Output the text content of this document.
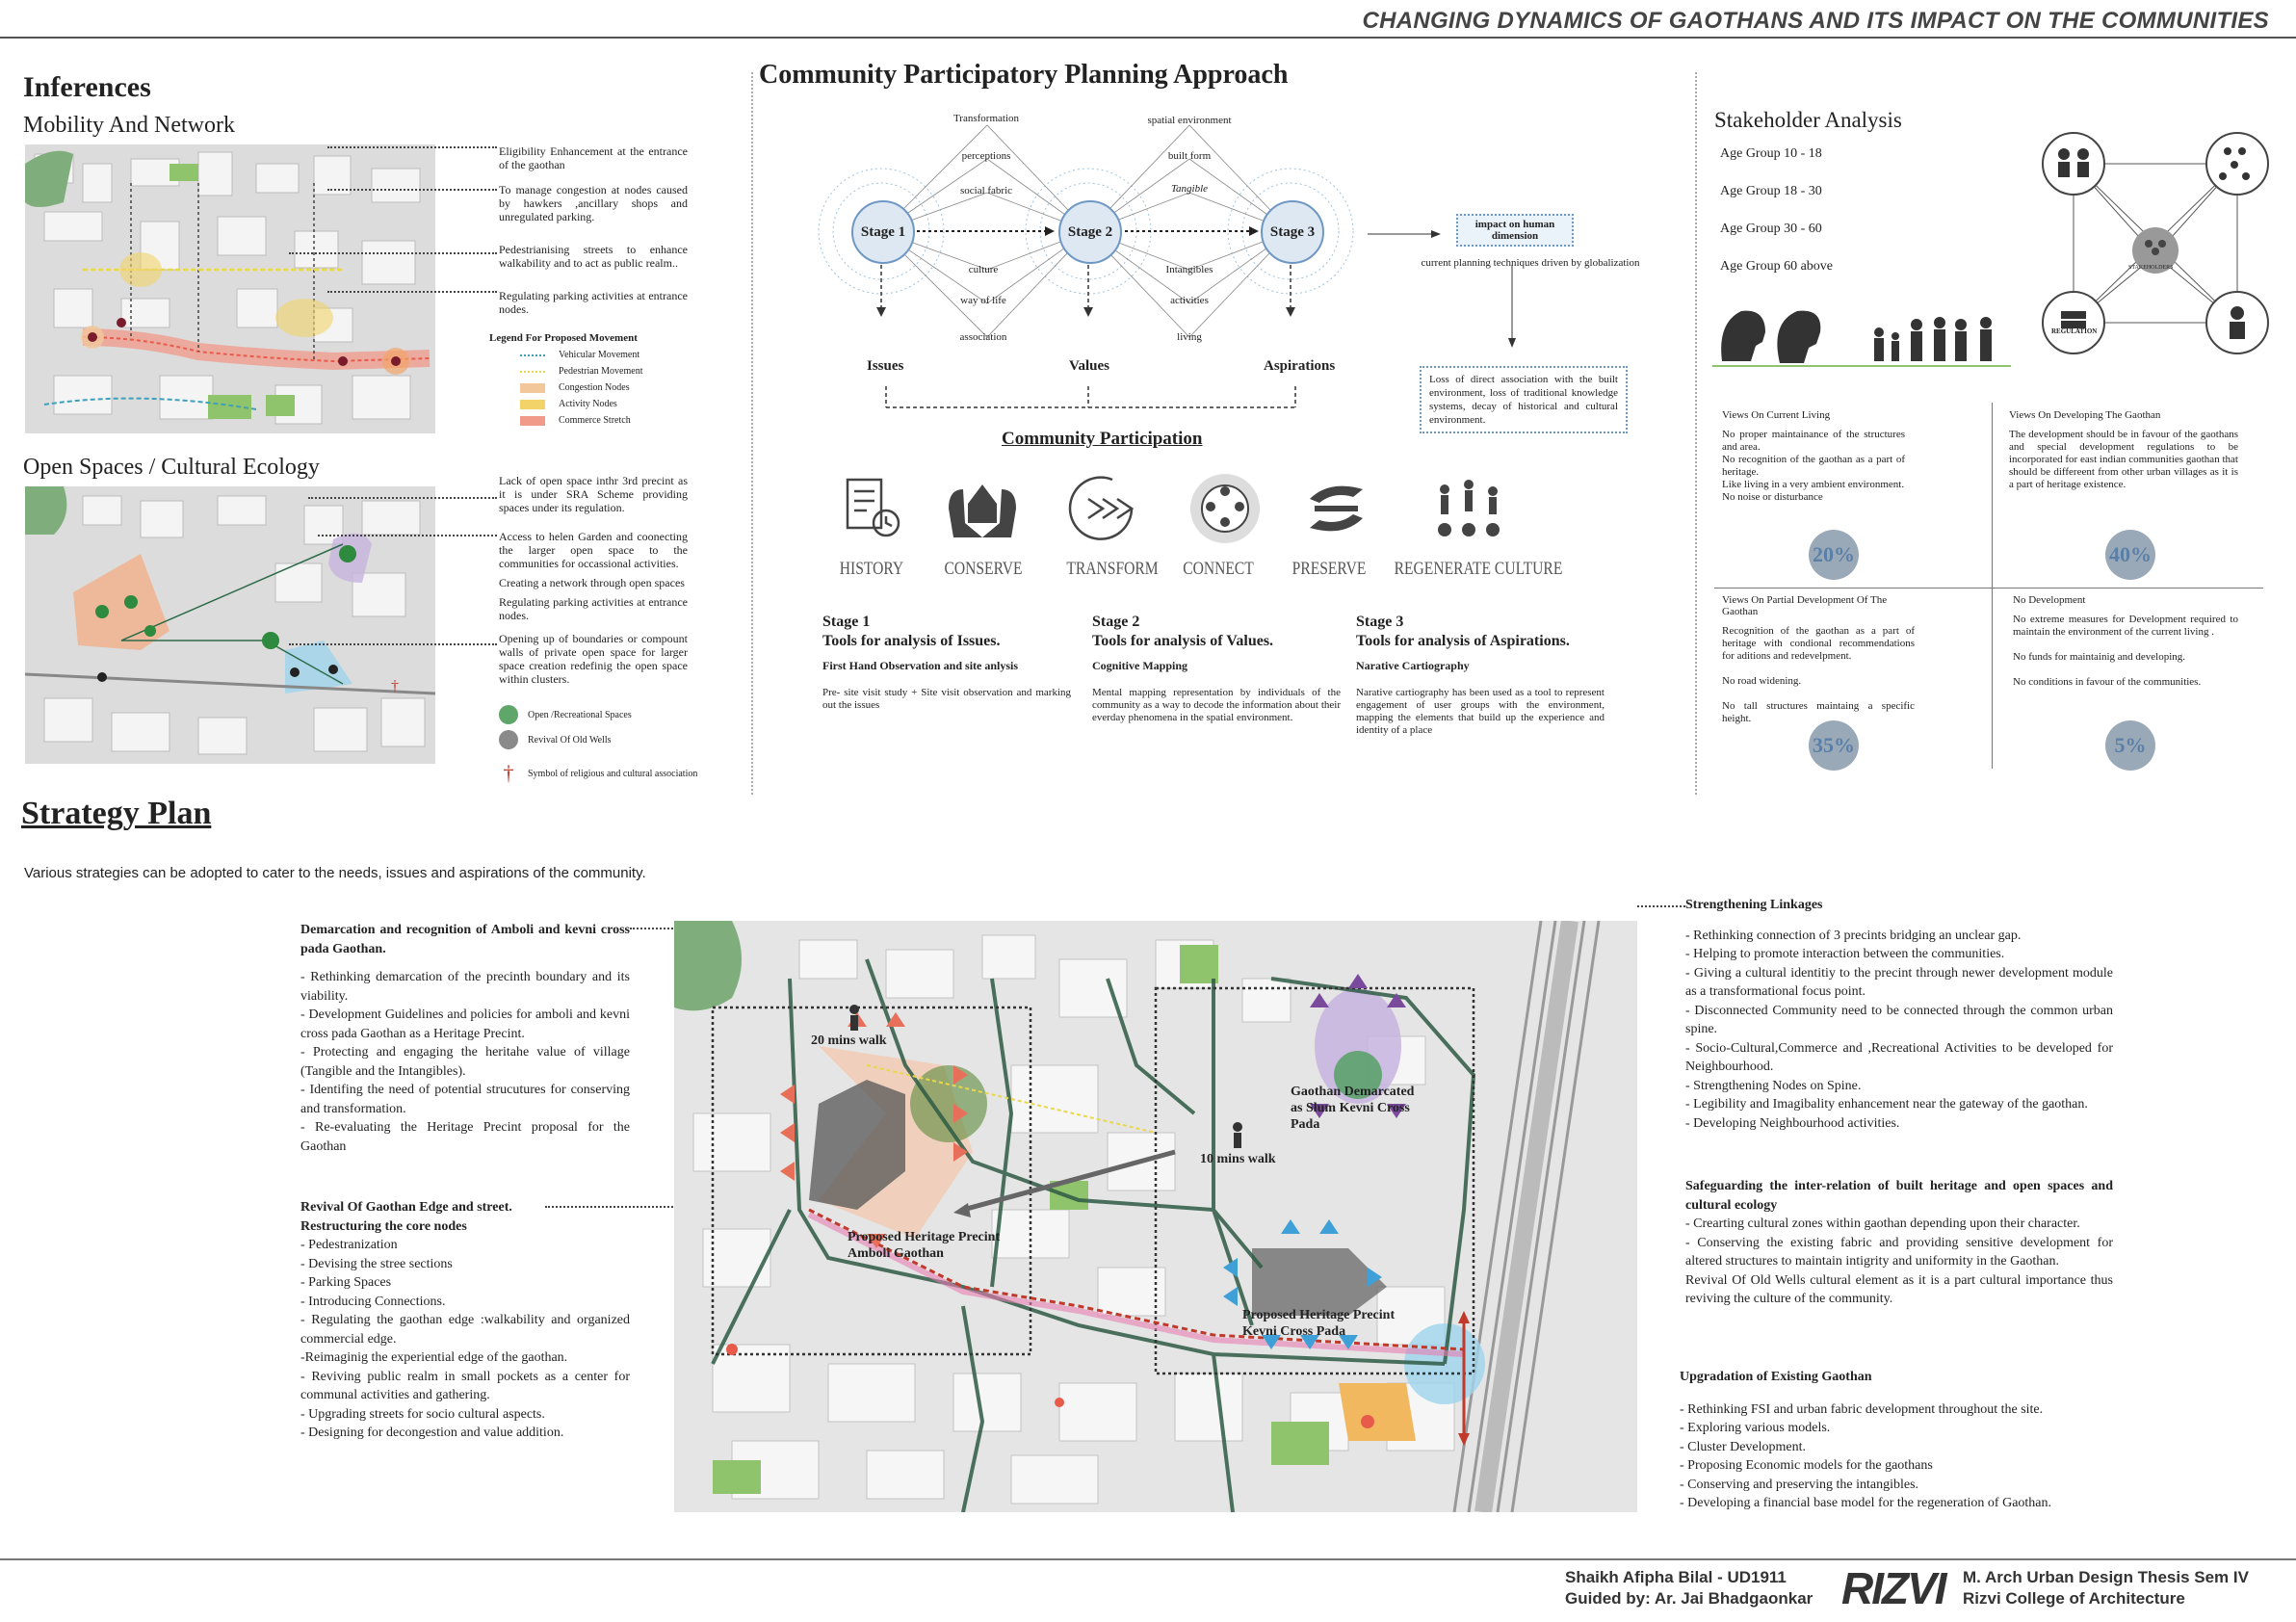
CHANGING DYNAMICS OF GAOTHANS AND ITS IMPACT ON THE COMMUNITIES
Inferences
Mobility And Network
Eligibility Enhancement at the entrance of the gaothan
To manage congestion at nodes caused by hawkers ,ancillary shops and unregulated parking.
Pedestrianising streets to enhance walkability and to act as public realm..
Regulating parking activities at entrance nodes.
Legend For Proposed Movement
Vehicular Movement
Pedestrian Movement
Congestion Nodes
Activity Nodes
Commerce Stretch
Open Spaces / Cultural Ecology
†
Lack of open space inthr 3rd precint as it is under SRA Scheme providing spaces under its regulation.
Access to helen Garden and coonecting the larger open space to the communities for occassional activities.
Creating a network through open spaces
Regulating parking activities at entrance nodes.
Opening up of boundaries or compount walls of private open space for larger space creation redefinig the open space within clusters.
Open /Recreational Spaces
Revival Of Old Wells
†	Symbol of religious and cultural association
Community Participatory Planning Approach
Stage 1	Stage 2	Stage 3
Transformation
perceptions
social fabric
spatial environment
built form
Tangible
culture
way of life
association
Intangibles
activities
living
Issues	Values	Aspirations
Community Participation
impact on human dimension
current planning techniques driven by globalization
Loss of direct association with the built environment, loss of traditional knowledge systems, decay of historical and cultural environment.
HISTORY	CONSERVE TRANSFORM	CONNECT	PRESERVE	REGENERATE CULTURE
Stage 1
Tools for analysis of Issues.
First Hand Observation and site anlysis
Pre- site visit study + Site visit observation and marking out the issues
Stage 2
Tools for analysis of Values.
Cognitive Mapping
Mental mapping representation by individuals of the community as a way to decode the information about their everday phenomena in the spatial environment.
Stage 3
Tools for analysis of Aspirations.
Narative Cartiography
Narative cartiography has been used as a tool to represent engagement of user groups with the environment, mapping the elements that build up the experience and identity of a place
Stakeholder Analysis
Age Group 10 - 18
Age Group 18 - 30
Age Group 30 - 60
Age Group 60 above	STAKEHOLDERS
REGULATION
Views On Current Living
No proper maintainance of the structures and area.
No recognition of the gaothan as a part of heritage.
Like living in a very ambient environment.
No noise or disturbance
20%
Views On Developing The Gaothan
The development should be in favour of the gaothans and special development regulations to be incorporated for east indian communities gaothan that should be differeent from other urban villages as it is a part of heritage existence.
40%
Views On Partial Development Of The Gaothan
Recognition of the gaothan as a part of heritage with condional recommendations for aditions and redevelpment.

No road widening.

No tall structures maintaing a specific height.
35%
No Development
No extreme measures for Development required to maintain the environment of the current living .

No funds for maintainig and developing.

No conditions in favour of the communities.
5%
Strategy Plan
Various strategies can be adopted to cater to the needs, issues and aspirations of the community.
Demarcation and recognition of Amboli and kevni cross pada Gaothan.
- Rethinking demarcation of the precinth boundary and its viability.
- Development Guidelines and policies for amboli and kevni cross pada Gaothan as a Heritage Precint.
- Protecting and engaging the heritahe value of village (Tangible and the Intangibles).
- Identifing the need of potential strucutures for conserving and transformation.
- Re-evaluating the Heritage Precint proposal for the Gaothan
Revival Of Gaothan Edge and street.
Restructuring the core nodes
- Pedestranization
- Devising the stree sections
- Parking Spaces
- Introducing Connections.
- Regulating the gaothan edge :walkability and organized commercial edge.
-Reimaginig the experiential edge of the gaothan.
- Reviving public realm in small pockets as a center for communal activities and gathering.
- Upgrading streets for socio cultural aspects.
- Designing for decongestion and value addition.
20 mins walk
10 mins walk
Gaothan Demarcated as Slum Kevni Cross Pada
Proposed Heritage Precint Amboli Gaothan
Proposed Heritage Precint Kevni Cross Pada
Strengthening Linkages
- Rethinking connection of 3 precints bridging an unclear gap.
- Helping to promote interaction between the communities.
- Giving a cultural identitiy to the precint through newer development module as a transformational focus point.
- Disconnected Community need to be connected through the common urban spine.
- Socio-Cultural,Commerce and ,Recreational Activities to be developed for Neighbourhood.
- Strengthening Nodes on Spine.
- Legibility and Imagibality enhancement near the gateway of the gaothan.
- Developing Neighbourhood activities.
Safeguarding the inter-relation of built heritage and open spaces and cultural ecology
- Crearting cultural zones within gaothan depending upon their character.
- Conserving the existing fabric and providing sensitive development for altered structures to maintain intigrity and uniformity in the Gaothan.
Revival Of Old Wells cultural element as it is a part cultural importance thus reviving the culture of the community.
Upgradation of Existing Gaothan
- Rethinking FSI and urban fabric development throughout the site.
- Exploring various models.
- Cluster Development.
- Proposing Economic models for the gaothans
- Conserving and preserving the intangibles.
- Developing a financial base model for the regeneration of Gaothan.
Shaikh Afipha Bilal - UD1911
Guided by: Ar. Jai Bhadgaonkar RIZVI M. Arch Urban Design Thesis Sem IV
Rizvi College of Architecture
